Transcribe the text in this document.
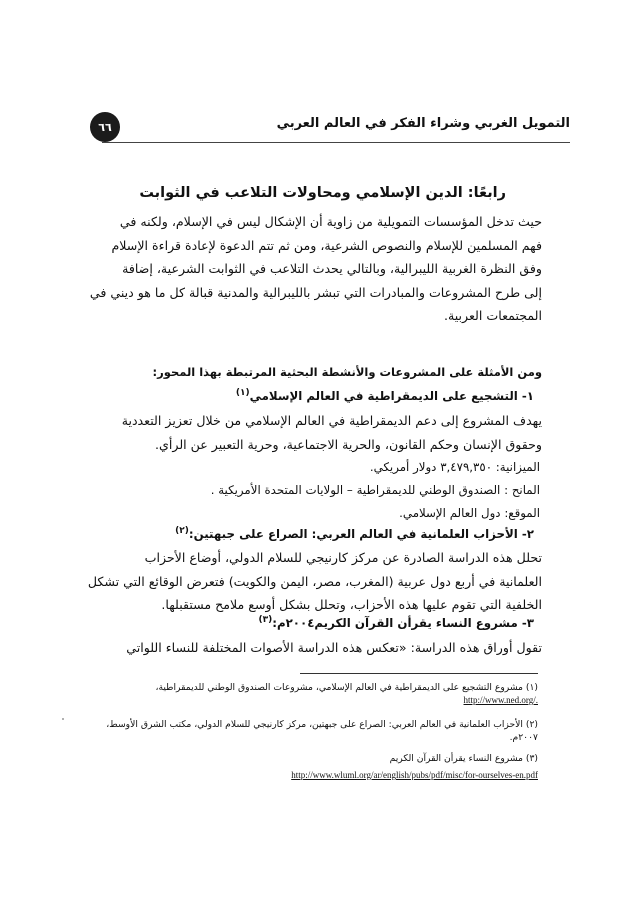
٦٦	التمويل الغربي وشراء الفكر في العالم العربي
رابعًا: الدين الإسلامي ومحاولات التلاعب في الثوابت
حيث تدخل المؤسسات التمويلية من زاوية أن الإشكال ليس في الإسلام، ولكنه في
فهم المسلمين للإسلام والنصوص الشرعية، ومن ثم تتم الدعوة لإعادة قراءة الإسلام
وفق النظرة الغربية الليبرالية، وبالتالي يحدث التلاعب في الثوابت الشرعية، إضافة
إلى طرح المشروعات والمبادرات التي تبشر بالليبرالية والمدنية قبالة كل ما هو ديني في
المجتمعات العربية.
ومن الأمثلة على المشروعات والأنشطة البحثية المرتبطة بهذا المحور:
١- التشجيع على الديمقراطية في العالم الإسلامي$^{(١)}$
يهدف المشروع إلى دعم الديمقراطية في العالم الإسلامي من خلال تعزيز التعددية
وحقوق الإنسان وحكم القانون، والحرية الاجتماعية، وحرية التعبير عن الرأي.
الميزانية: ٣,٤٧٩,٣٥٠ دولار أمريكي.
المانح : الصندوق الوطني للديمقراطية – الولايات المتحدة الأمريكية .
الموقع: دول العالم الإسلامي.
٢- الأحزاب العلمانية في العالم العربي: الصراع على جبهتين:$^{(٢)}$
تحلل هذه الدراسة الصادرة عن مركز كارنيجي للسلام الدولي، أوضاع الأحزاب
العلمانية في أربع دول عربية (المغرب، مصر، اليمن والكويت) فتعرض الوقائع التي تشكل
الخلفية التي تقوم عليها هذه الأحزاب، وتحلل بشكل أوسع ملامح مستقبلها.
٣- مشروع النساء يقرأن القرآن الكريم٢٠٠٤م:$^{(٣)}$
تقول أوراق هذه الدراسة: «تعكس هذه الدراسة الأصوات المختلفة للنساء اللواتي
(١) مشروع التشجيع على الديمقراطية في العالم الإسلامي، مشروعات الصندوق الوطني للديمقراطية،
http://www.ned.org/.
(٢) الأحزاب العلمانية في العالم العربي: الصراع على جبهتين، مركز كارنيجي للسلام الدولي، مكتب الشرق الأوسط،
٢٠٠٧م.
(٣) مشروع النساء يقرأن القرآن الكريم
http://www.wluml.org/ar/english/pubs/pdf/misc/for-ourselves-en.pdf
